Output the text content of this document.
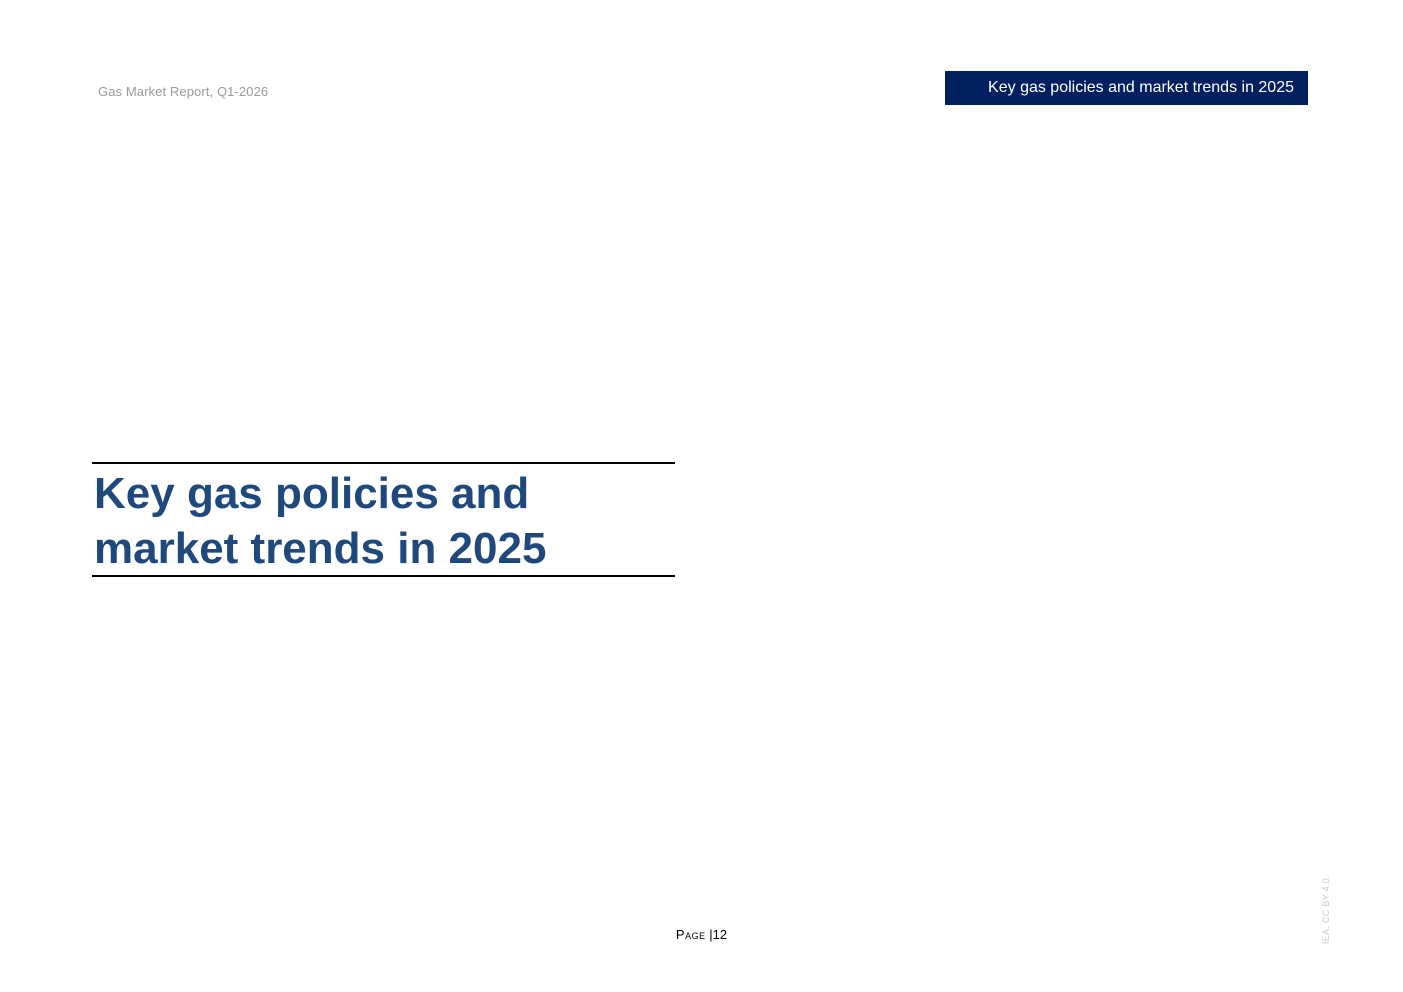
Gas Market Report, Q1-2026	Key gas policies and market trends in 2025
Key gas policies and market trends in 2025
Page |12	IEA. CC BY 4.0.
